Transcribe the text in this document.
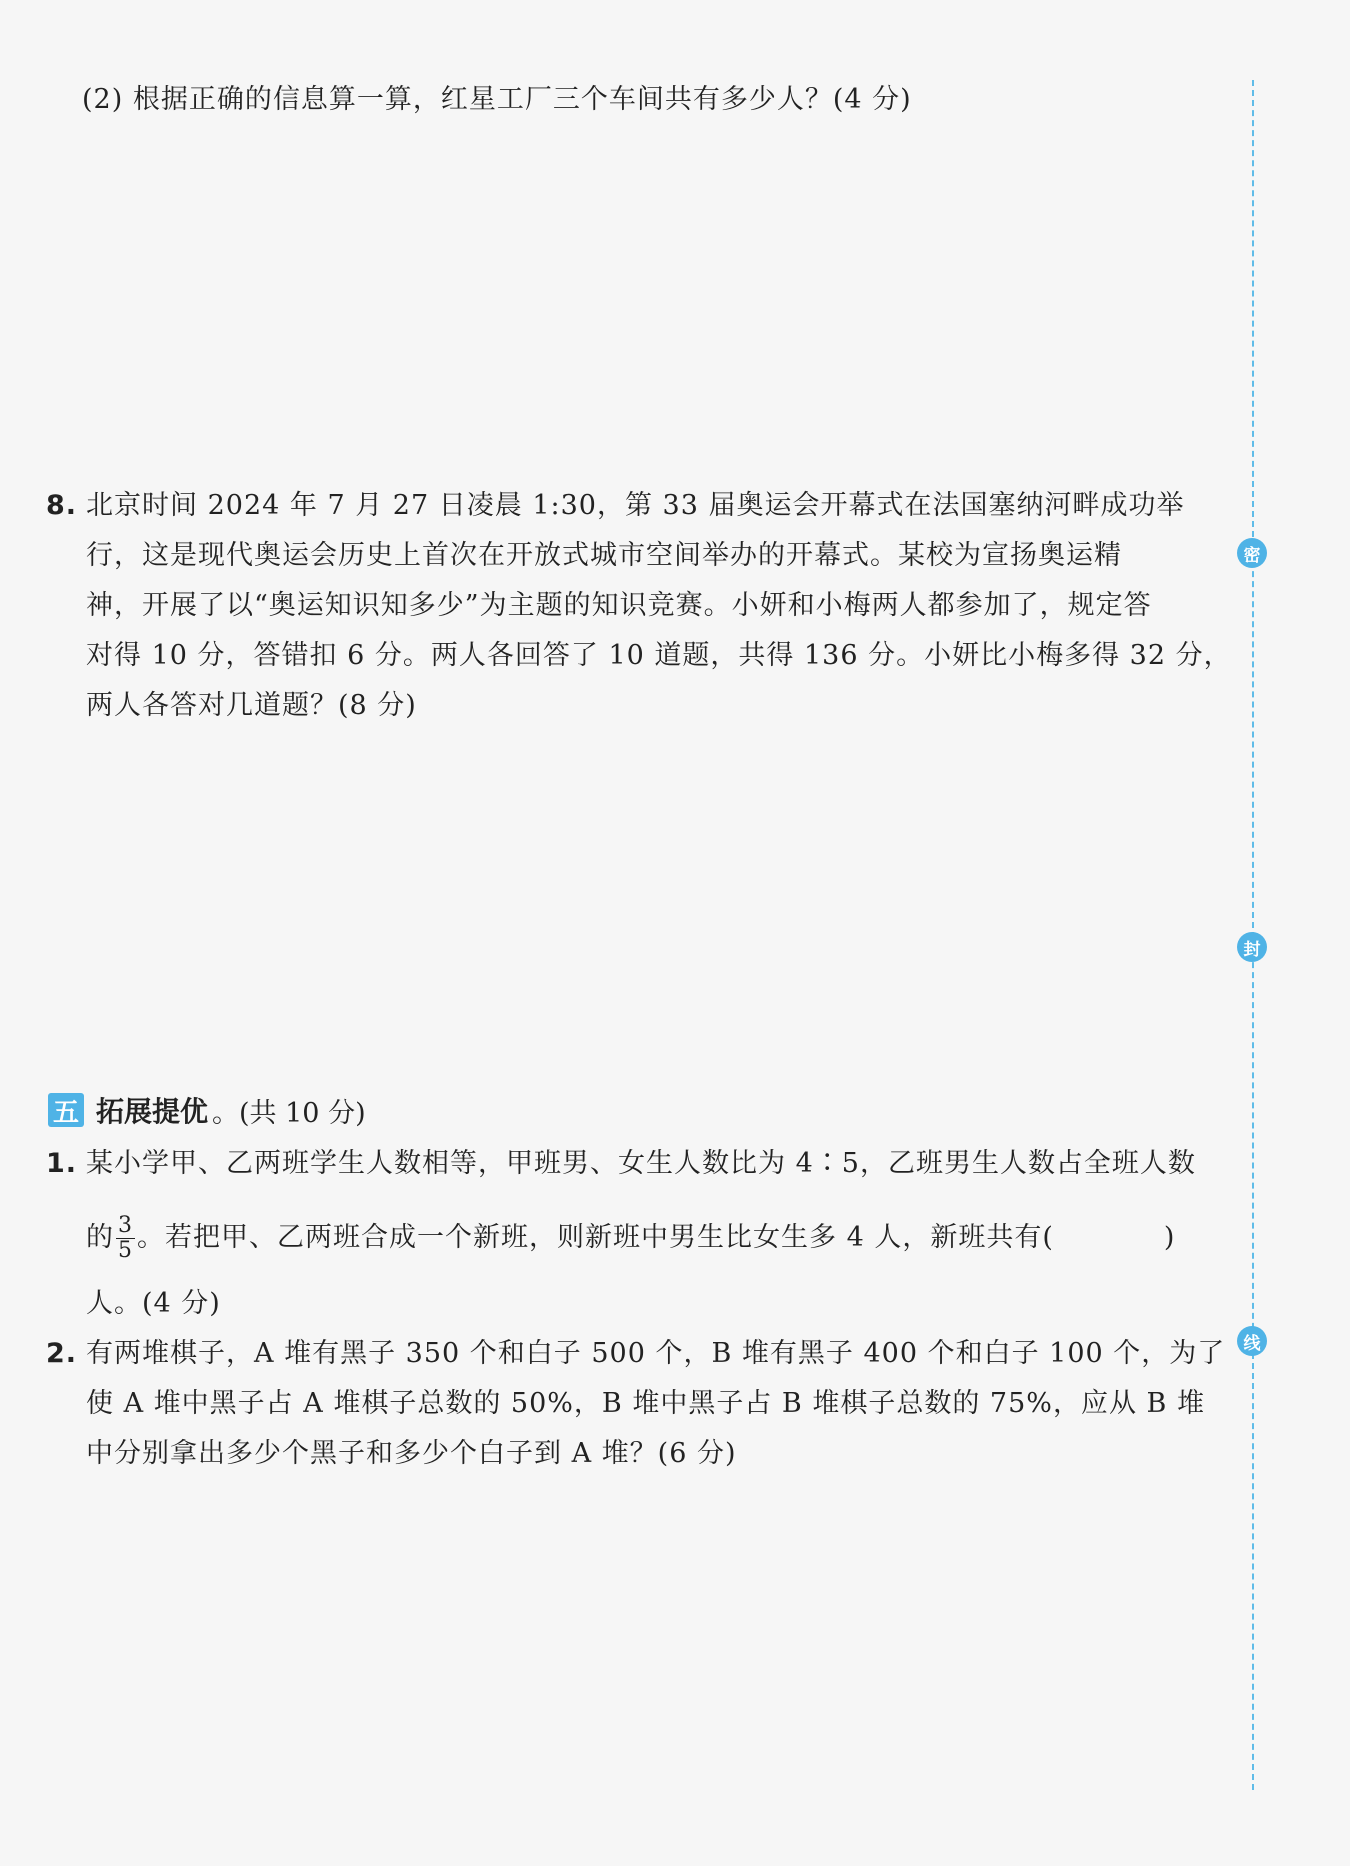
(2) 根据正确的信息算一算，红星工厂三个车间共有多少人？(4 分)
8. 北京时间 2024 年 7 月 27 日凌晨 1:30，第 33 届奥运会开幕式在法国塞纳河畔成功举
行，这是现代奥运会历史上首次在开放式城市空间举办的开幕式。某校为宣扬奥运精
神，开展了以“奥运知识知多少”为主题的知识竞赛。小妍和小梅两人都参加了，规定答
对得 10 分，答错扣 6 分。两人各回答了 10 道题，共得 136 分。小妍比小梅多得 32 分，
两人各答对几道题？(8 分)
五 拓展提优 。(共 10 分)
1. 某小学甲、乙两班学生人数相等，甲班男、女生人数比为 4∶5，乙班男生人数占全班人数
的 $\frac{3}{5}$ 。若把甲、乙两班合成一个新班，则新班中男生比女生多 4 人，新班共有(	)
人。(4 分)
2. 有两堆棋子，A 堆有黑子 350 个和白子 500 个，B 堆有黑子 400 个和白子 100 个，为了
使 A 堆中黑子占 A 堆棋子总数的 50%，B 堆中黑子占 B 堆棋子总数的 75%，应从 B 堆
中分别拿出多少个黑子和多少个白子到 A 堆？(6 分)
密
封
线
